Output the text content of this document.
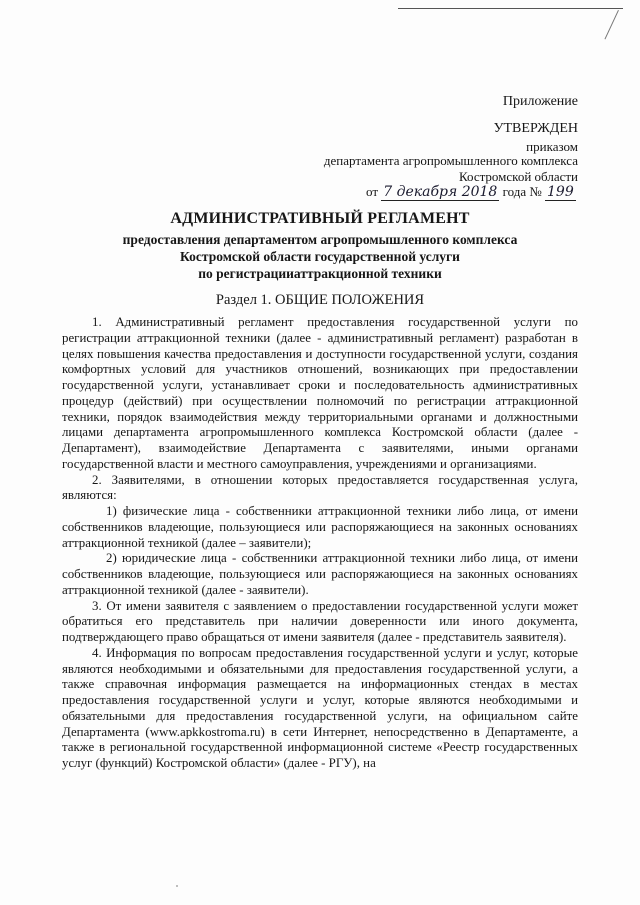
Приложение
УТВЕРЖДЕН
приказом
департамента агропромышленного комплекса
Костромской области
от 7 декабря 2018 года № 199
АДМИНИСТРАТИВНЫЙ РЕГЛАМЕНТ
предоставления департаментом агропромышленного комплекса
Костромской области государственной услуги
по регистрацииаттракционной техники
Раздел 1. ОБЩИЕ ПОЛОЖЕНИЯ

1. Административный регламент предоставления государственной услуги по регистрации аттракционной техники (далее - административный регламент) разработан в целях повышения качества предоставления и доступности государственной услуги, создания комфортных условий для участников отношений, возникающих при предоставлении государственной услуги, устанавливает сроки и последовательность административных процедур (действий) при осуществлении полномочий по регистрации аттракционной техники, порядок взаимодействия между территориальными органами и должностными лицами департамента агропромышленного комплекса Костромской области (далее - Департамент), взаимодействие Департамента с заявителями, иными органами государственной власти и местного самоуправления, учреждениями и организациями.

2. Заявителями, в отношении которых предоставляется государственная услуга, являются:

1) физические лица - собственники аттракционной техники либо лица, от имени собственников владеющие, пользующиеся или распоряжающиеся на законных основаниях аттракционной техникой (далее – заявители);

2) юридические лица - собственники аттракционной техники либо лица, от имени собственников владеющие, пользующиеся или распоряжающиеся на законных основаниях аттракционной техникой (далее - заявители).

3. От имени заявителя с заявлением о предоставлении государственной услуги может обратиться его представитель при наличии доверенности или иного документа, подтверждающего право обращаться от имени заявителя (далее - представитель заявителя).

4. Информация по вопросам предоставления государственной услуги и услуг, которые являются необходимыми и обязательными для предоставления государственной услуги, а также справочная информация размещается на информационных стендах в местах предоставления государственной услуги и услуг, которые являются необходимыми и обязательными для предоставления государственной услуги, на официальном сайте Департамента (www.apkkostroma.ru) в сети Интернет, непосредственно в Департаменте, а также в региональной государственной информационной системе «Реестр государственных услуг (функций) Костромской области» (далее - РГУ), на
